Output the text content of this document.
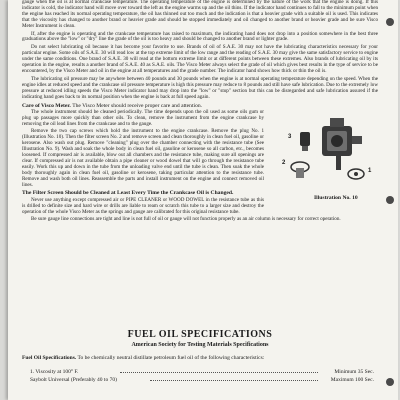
gauge when the oil is at normal crankcase temperature. The operating temperature of the engine is determined by the nature of the work that the engine is doing. If this indicator is cold, the indicator hand will move over toward the left as the engine warms up and the oil thins. If the indicator hand continues to fall to the minimum point when the engine has reached its normal operating temperature, the oil has thinned out too much and the indication is that a heavier grade with a suitable oil is used. This indicates that the viscosity has changed to another brand or heavier grade and should be stopped immediately and oil changed to another brand or heavier grade and be sure Visco Meter Instrument is clean.

If, after the engine is operating and the crankcase temperature has raised to maximum, the indicating hand does not drop into a position somewhere in the best three graduations above the "low" or "dry" line the grade of the oil is too heavy and should be changed to another brand or lighter grade.

Do not select lubricating oil because it has become your favorite to use. Brands of oil of S.A.E. 30 may not have the lubricating characteristics necessary for your particular engine. Some oils of S.A.E. 30 will read low at the top extreme limit of the low range and the reading of S.A.E. 30 may give the same satisfactory service to engine under the same conditions. One brand of S.A.E. 30 will read at the bottom extreme limit or at different points between these extremes. Also brands of lubricating oil by its operation in the engine, results a another brand of S.A.E. 40 as S.A.E. oils. The Visco Meter always select the grade of oil which gives best results in the type of service to be encountered, by the Visco Meter and oil in the engine at all temperatures and the grade number. The indicator hand shows how thick or thin the oil is.

The lubricating oil pressure may be anywhere between 40 pounds and 30 pounds when the engine is at normal operating temperature depending on the speed. When the engine idles at reduced speed and the crankcase oil pressure temperature is high this pressure may reduce to 8 pounds and still have safe lubrication. Due to the extremely low pressure at reduced idling speeds the Visco Meter indicator hand may drop into the "low" or "stop" section but this can be disregarded and safe lubrication assured if the indicating hand goes back to its normal position when the engine is back at full speed again.

Care of Visco Meter. The Visco Meter should receive proper care and attention.

3
2
1
Illustration No. 10

The whole instrument should be cleaned periodically. The time depends upon the oil used as some oils gum or plug up passages more quickly than other oils. To clean, remove the instrument from the engine crankcase by removing the oil lead lines from the crankcase and to the gauge.

Remove the two cap screws which hold the instrument to the engine crankcase. Remove the plug No. 1 (Illustration No. 10). Then the filter screen No. 2 and remove screen and clean thoroughly in clean fuel oil, gasoline or kerosene. Also wash out plug. Remove "cleaning" plug over the chamber connecting with the resistance tube (See Illustration No. 9). Wash and soak the whole body in clean fuel oil, gasoline or kerosene so all carbon, etc., becomes loosened. If compressed air is available, blow out all chambers and the resistance tube, making sure all openings are clear. If compressed air is not available obtain a pipe cleaner or wood dowel that will go through the resistance tube easily. Work this up and down in the tube from the unloading valve end until the tube is clean. Then soak the whole body thoroughly again in clean fuel oil, gasoline or kerosene, taking particular attention to the resistance tube. Remove and wash both oil lines. Reassemble the parts and install instrument on the engine and connect removed oil lines.

The Filter Screen Should be Cleaned at Least Every Time the Crankcase Oil is Changed.

Never use anything except compressed air or PIPE CLEANER or WOOD DOWEL in the resistance tube as this is drilled to definite size and hard wire or drills are liable to ream or scratch this tube to a larger size and destroy the operation of the whole Visco Meter as the springs and gauge are calibrated for this original resistance tube.

Be sure gauge line connections are tight and line is not full of oil or gauge will not function properly as an air column is necessary for correct operation.

FUEL OIL SPECIFICATIONS
American Society for Testing Materials Specifications
Fuel Oil Specifications. To be chemically neutral distillate petroleum fuel oil of the following characteristics:
1. Viscosity at 100° F.	Minimum 35 Sec.
Saybolt Universal (Preferably 40 to 70)	Maximum 100 Sec.
